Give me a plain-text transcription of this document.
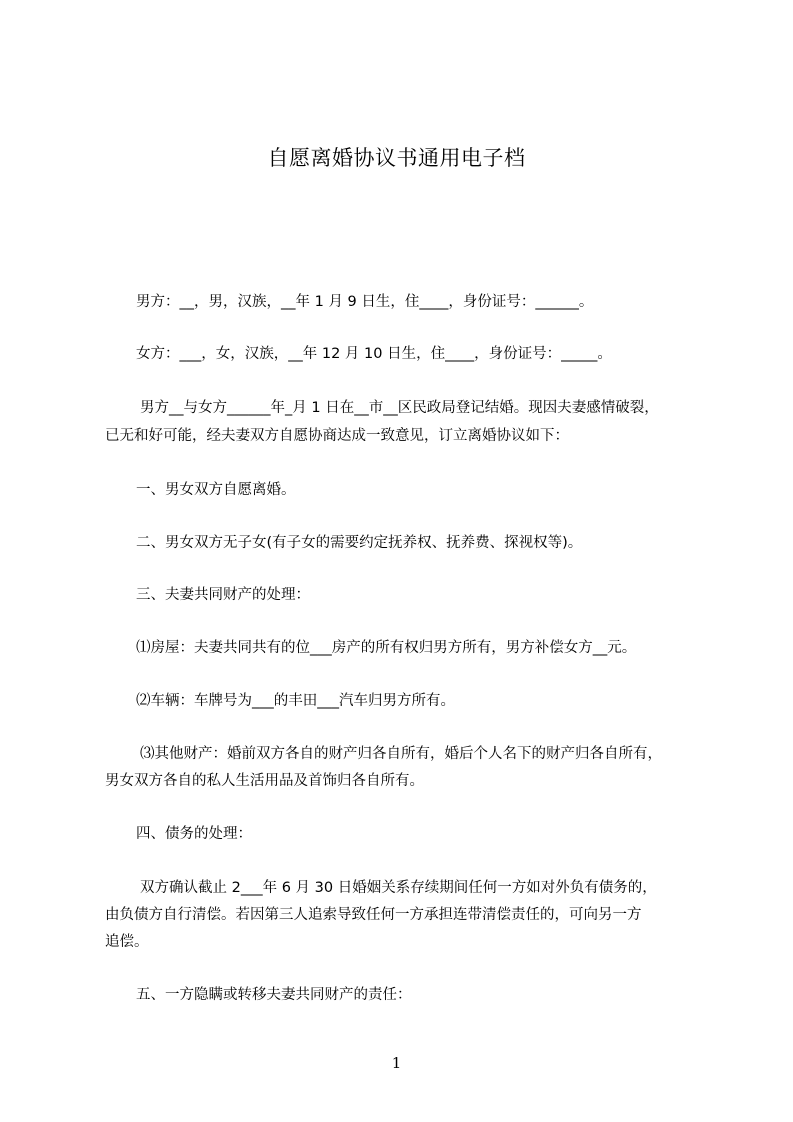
自愿离婚协议书通用电子档
男方：__，男，汉族，__年 1 月 9 日生，住____，身份证号：______。
女方：___，女，汉族，__年 12 月 10 日生，住____，身份证号：_____。
男方__与女方______年_月 1 日在__市__区民政局登记结婚。现因夫妻感情破裂，
已无和好可能，经夫妻双方自愿协商达成一致意见，订立离婚协议如下：
一、男女双方自愿离婚。
二、男女双方无子女(有子女的需要约定抚养权、抚养费、探视权等)。
三、夫妻共同财产的处理：
⑴房屋：夫妻共同共有的位___房产的所有权归男方所有，男方补偿女方__元。
⑵车辆：车牌号为___的丰田___汽车归男方所有。
⑶其他财产：婚前双方各自的财产归各自所有，婚后个人名下的财产归各自所有，
男女双方各自的私人生活用品及首饰归各自所有。
四、债务的处理：
双方确认截止 2___年 6 月 30 日婚姻关系存续期间任何一方如对外负有债务的，
由负债方自行清偿。若因第三人追索导致任何一方承担连带清偿责任的，可向另一方
追偿。
五、一方隐瞒或转移夫妻共同财产的责任：
1
